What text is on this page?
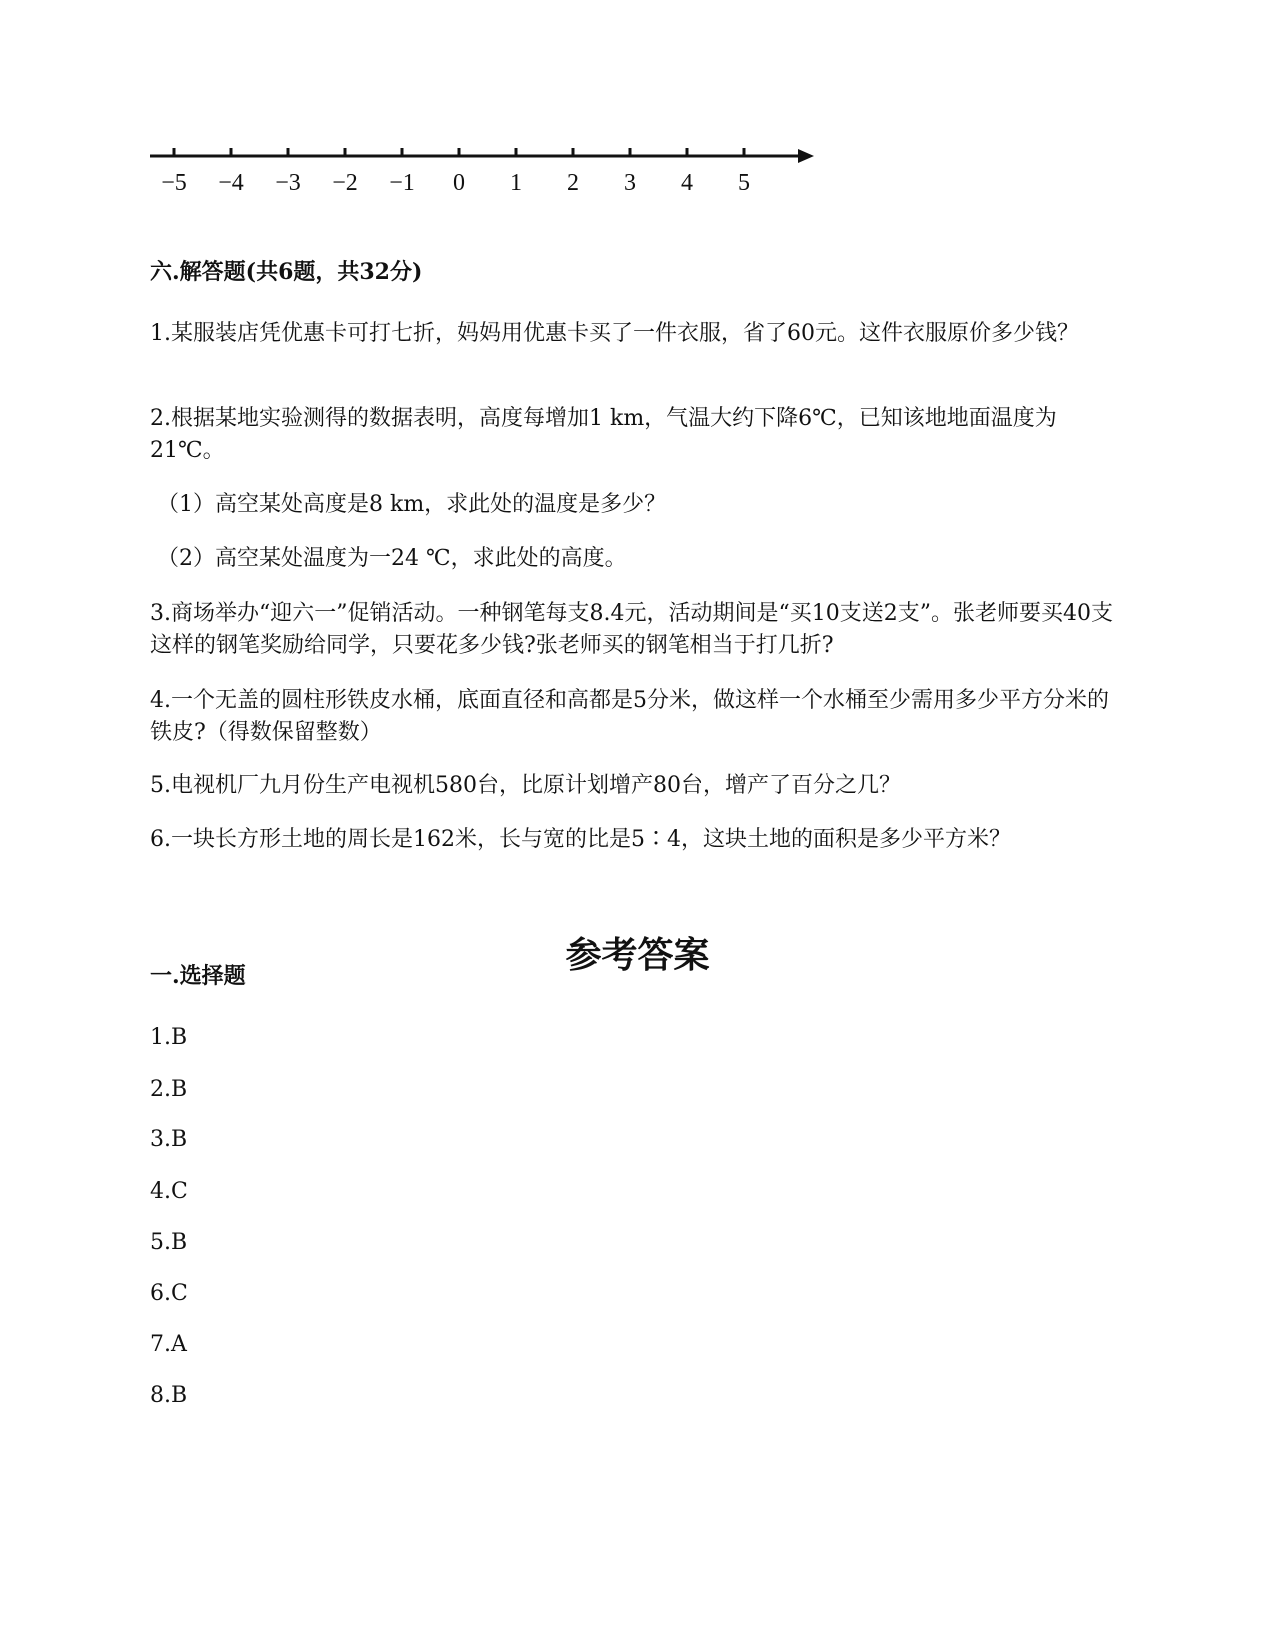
−5 −4 −3 −2 −1 0 1 2 3 4 5
六.解答题(共6题，共32分)
1.某服装店凭优惠卡可打七折，妈妈用优惠卡买了一件衣服，省了60元。这件衣服原价多少钱？
2.根据某地实验测得的数据表明，高度每增加1 km，气温大约下降6℃，已知该地地面温度为21℃。
（1）高空某处高度是8 km，求此处的温度是多少？
（2）高空某处温度为一24 ℃，求此处的高度。
3.商场举办“迎六一”促销活动。一种钢笔每支8.4元，活动期间是“买10支送2支”。张老师要买40支这样的钢笔奖励给同学，只要花多少钱?张老师买的钢笔相当于打几折?
4.一个无盖的圆柱形铁皮水桶，底面直径和高都是5分米，做这样一个水桶至少需用多少平方分米的铁皮?（得数保留整数）
5.电视机厂九月份生产电视机580台，比原计划增产80台，增产了百分之几？
6.一块长方形土地的周长是162米，长与宽的比是5∶4，这块土地的面积是多少平方米？
参考答案
一.选择题
1.B
2.B
3.B
4.C
5.B
6.C
7.A
8.B
